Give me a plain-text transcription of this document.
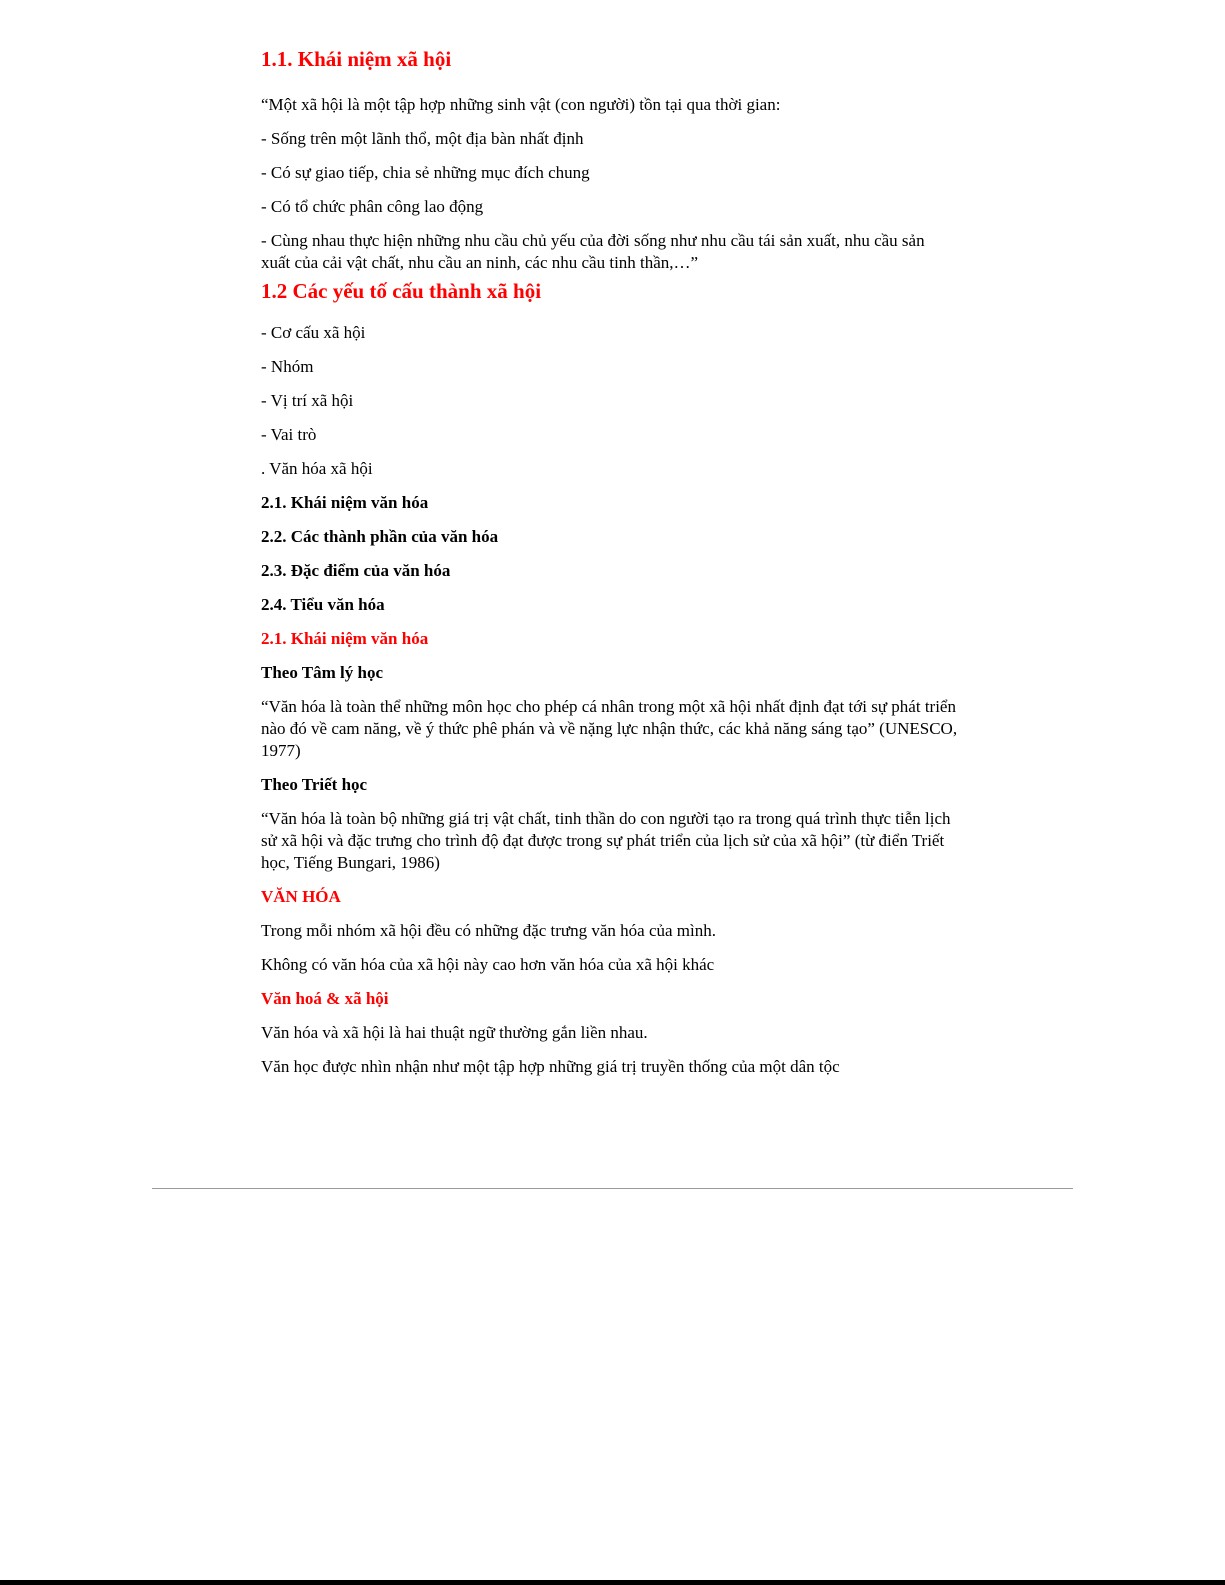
1.1. Khái niệm xã hội
“Một xã hội là một tập hợp những sinh vật (con người) tồn tại qua thời gian:
- Sống trên một lãnh thổ, một địa bàn nhất định
- Có sự giao tiếp, chia sẻ những mục đích chung
- Có tổ chức phân công lao động
- Cùng nhau thực hiện những nhu cầu chủ yếu của đời sống như nhu cầu tái sản xuất, nhu cầu sản xuất của cải vật chất, nhu cầu an ninh, các nhu cầu tinh thần,…”
1.2 Các yếu tố cấu thành xã hội
- Cơ cấu xã hội
- Nhóm
- Vị trí xã hội
- Vai trò
. Văn hóa xã hội
2.1. Khái niệm văn hóa
2.2. Các thành phần của văn hóa
2.3. Đặc điểm của văn hóa
2.4. Tiểu văn hóa
2.1. Khái niệm văn hóa
Theo Tâm lý học
“Văn hóa là toàn thể những môn học cho phép cá nhân trong một xã hội nhất định đạt tới sự phát triển nào đó về cam năng, về ý thức phê phán và về nặng lực nhận thức, các khả năng sáng tạo” (UNESCO, 1977)
Theo Triết học
“Văn hóa là toàn bộ những giá trị vật chất, tinh thần do con người tạo ra trong quá trình thực tiễn lịch sử xã hội và đặc trưng cho trình độ đạt được trong sự phát triển của lịch sử của xã hội” (từ điển Triết học, Tiếng Bungari, 1986)
VĂN HÓA
Trong mỗi nhóm xã hội đều có những đặc trưng văn hóa của mình.
Không có văn hóa của xã hội này cao hơn văn hóa của xã hội khác
Văn hoá & xã hội
Văn hóa và xã hội là hai thuật ngữ thường gắn liền nhau.
Văn học được nhìn nhận như một tập hợp những giá trị truyền thống của một dân tộc
